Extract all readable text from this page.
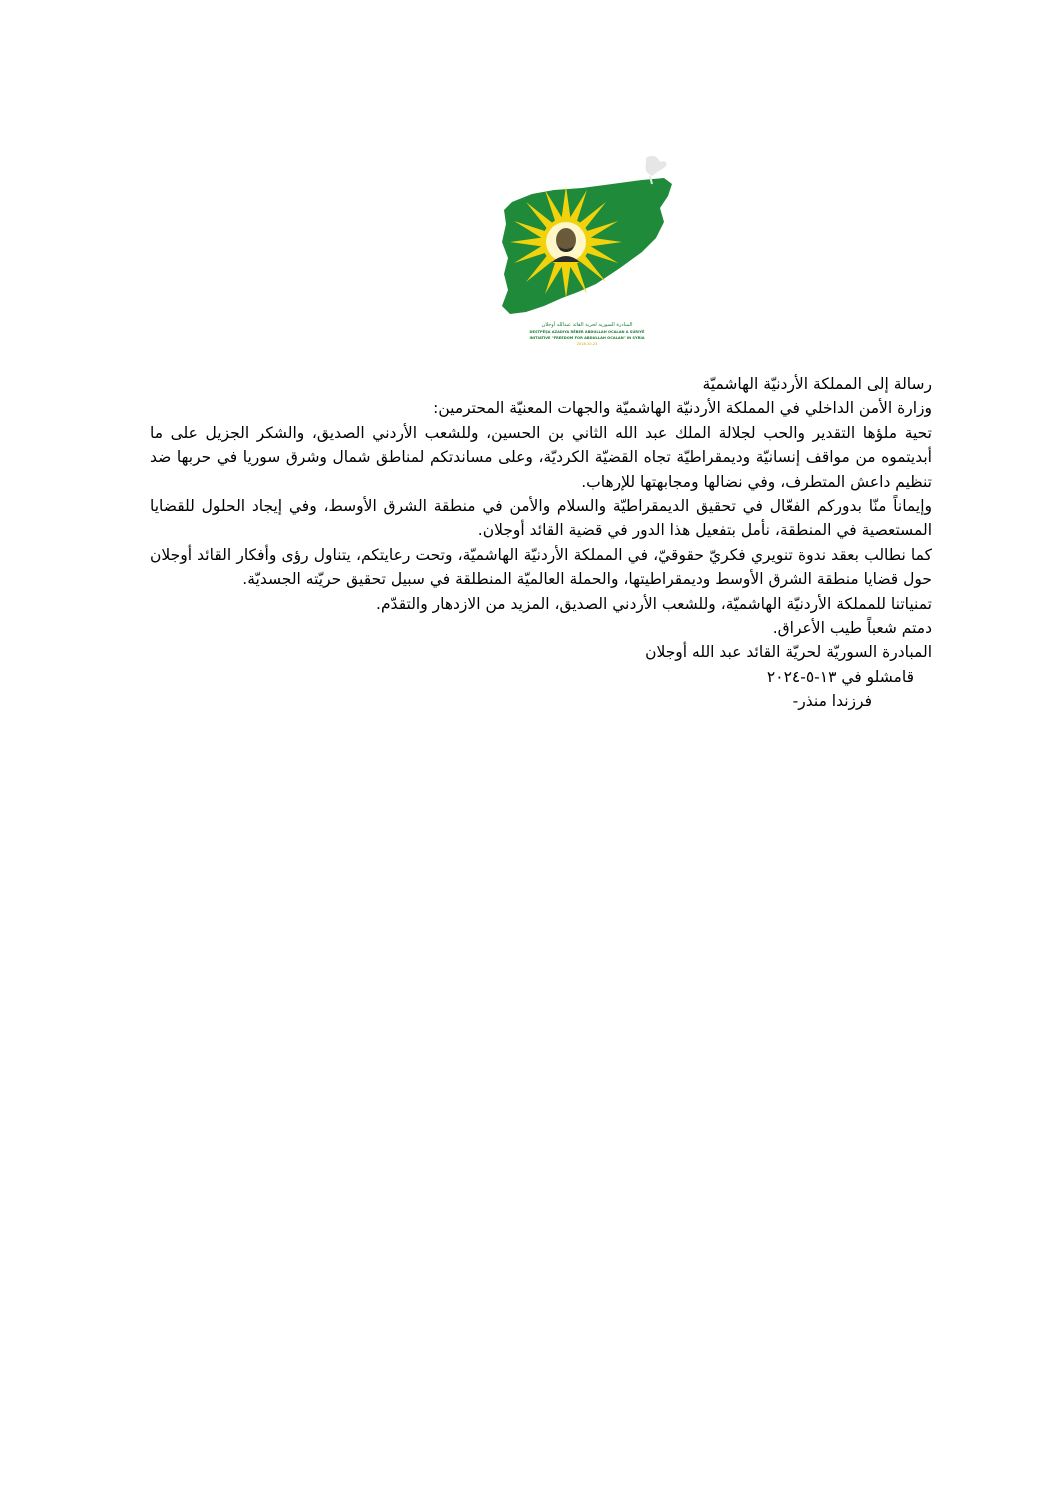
المبادرة السورية لحرية القائد عبدالله أوجلان
DESTPÊŞA AZADIYA RÊBER ABDULLAH OCALAN A SÛRIYÊ
INITIATIVE "FREEDOM FOR ABDULLAH OCALAN" IN SYRIA
2018.10.23

رسالة إلى المملكة الأردنيّة الهاشميّة

وزارة الأمن الداخلي في المملكة الأردنيّة الهاشميّة والجهات المعنيّة المحترمين:

تحية ملؤها التقدير والحب لجلالة الملك عبد الله الثاني بن الحسين، وللشعب الأردني الصديق، والشكر الجزيل على ما أبديتموه من مواقف إنسانيّة وديمقراطيّة تجاه القضيّة الكرديّة، وعلى مساندتكم لمناطق شمال وشرق سوريا في حربها ضد تنظيم داعش المتطرف، وفي نضالها ومجابهتها للإرهاب.

وإيماناً منّا بدوركم الفعّال في تحقيق الديمقراطيّة والسلام والأمن في منطقة الشرق الأوسط، وفي إيجاد الحلول للقضايا المستعصية في المنطقة، نأمل بتفعيل هذا الدور في قضية القائد أوجلان.

كما نطالب بعقد ندوة تنويري فكريّ حقوقيّ، في المملكة الأردنيّة الهاشميّة، وتحت رعايتكم، يتناول رؤى وأفكار القائد أوجلان حول قضايا منطقة الشرق الأوسط وديمقراطيتها، والحملة العالميّة المنطلقة في سبيل تحقيق حريّته الجسديّة.

تمنياتنا للمملكة الأردنيّة الهاشميّة، وللشعب الأردني الصديق، المزيد من الازدهار والتقدّم.

دمتم شعباً طيب الأعراق.

المبادرة السوريّة لحريّة القائد عبد الله أوجلان

قامشلو في ١٣-٥-٢٠٢٤

فرزندا منذر-
